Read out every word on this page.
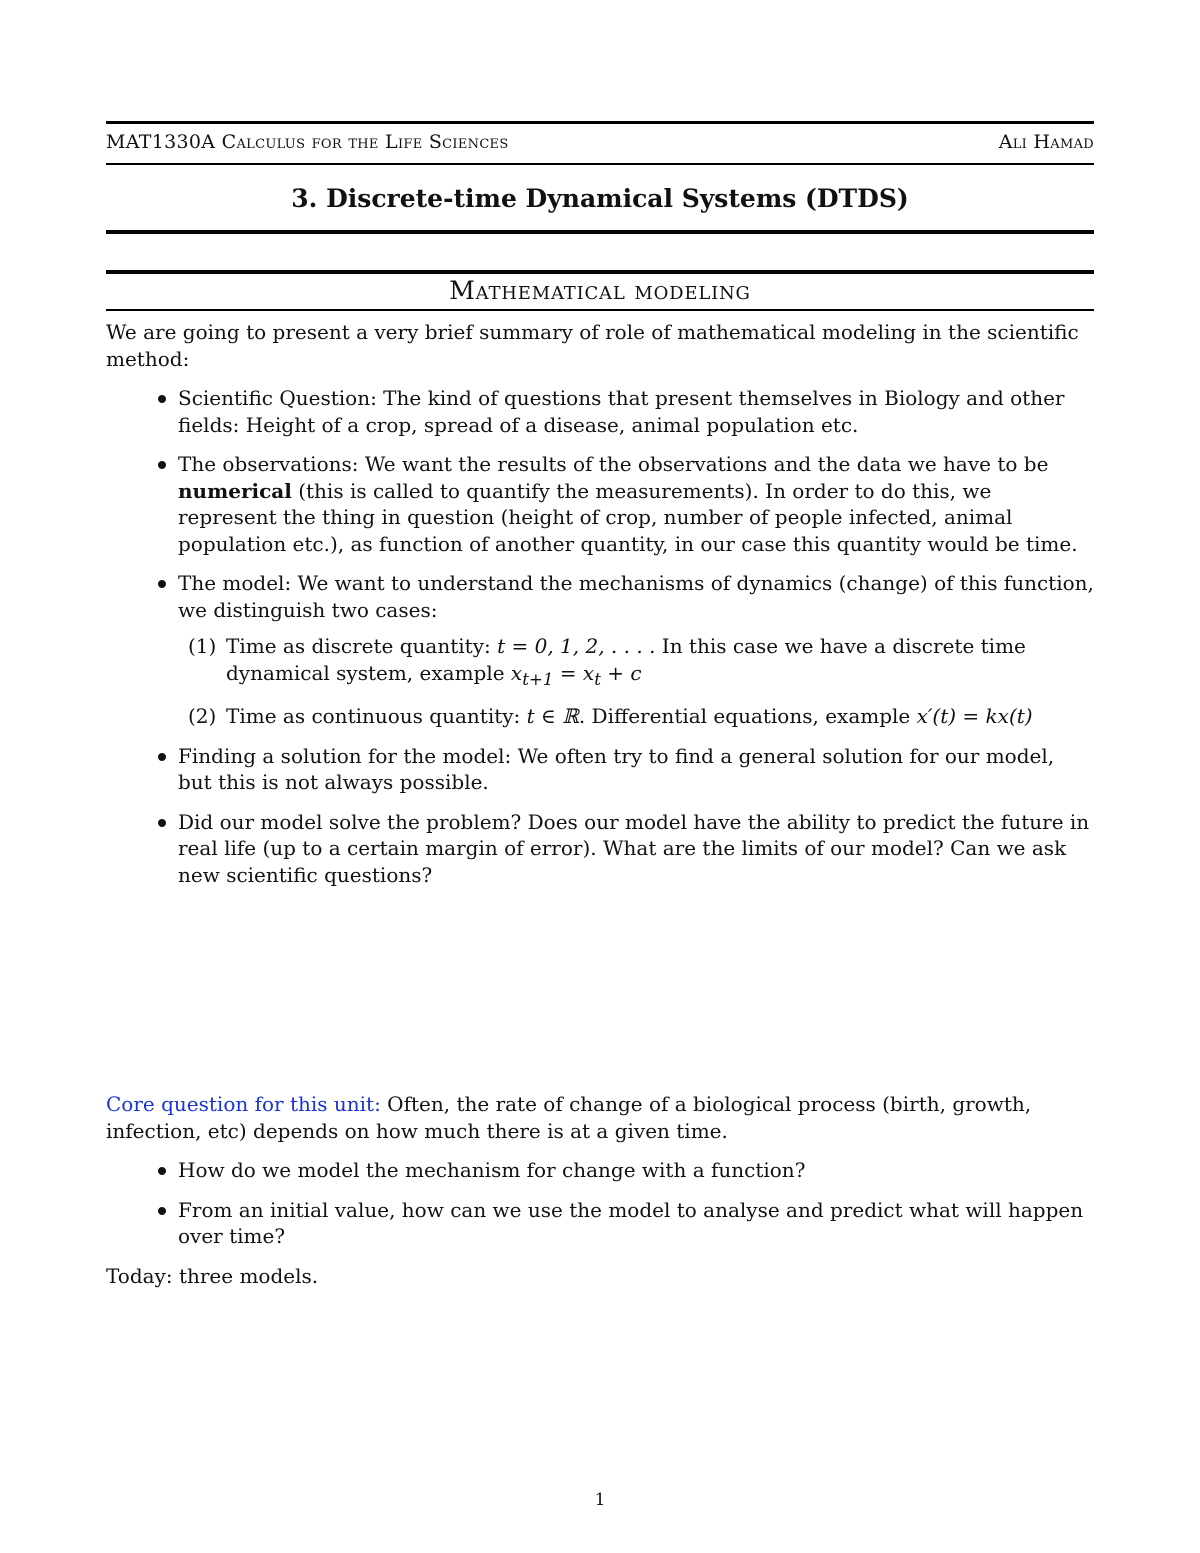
MAT1330A Calculus for the Life Sciences	Ali Hamad
3. Discrete-time Dynamical Systems (DTDS)
Mathematical modeling

We are going to present a very brief summary of role of mathematical modeling in the scientific method:

Scientific Question: The kind of questions that present themselves in Biology and other fields: Height of a crop, spread of a disease, animal population etc.
The observations: We want the results of the observations and the data we have to be numerical (this is called to quantify the measurements). In order to do this, we represent the thing in question (height of crop, number of people infected, animal population etc.), as function of another quantity, in our case this quantity would be time.
The model: We want to understand the mechanisms of dynamics (change) of this function, we distinguish two cases:
(1) Time as discrete quantity: t = 0, 1, 2, . . . . In this case we have a discrete time dynamical system, example $x_{t+1} = x_t + c$
(2) Time as continuous quantity: t ∈ ℝ. Differential equations, example x′(t) = kx(t)
Finding a solution for the model: We often try to find a general solution for our model, but this is not always possible.
Did our model solve the problem? Does our model have the ability to predict the future in real life (up to a certain margin of error). What are the limits of our model? Can we ask new scientific questions?

Core question for this unit: Often, the rate of change of a biological process (birth, growth, infection, etc) depends on how much there is at a given time.

How do we model the mechanism for change with a function?
From an initial value, how can we use the model to analyse and predict what will happen over time?

Today: three models.

1
